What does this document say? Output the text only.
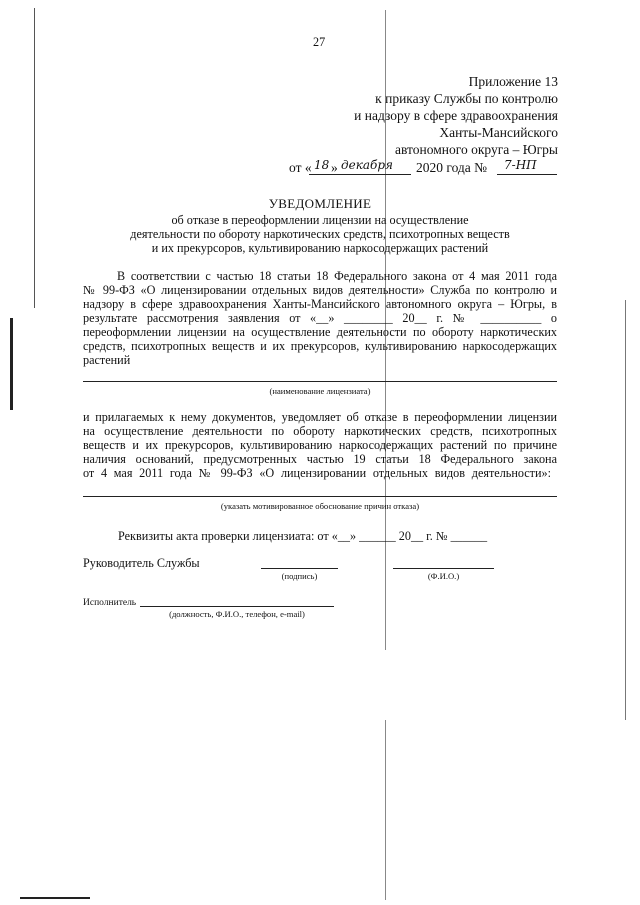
27
Приложение 13
к приказу Службы по контролю
и надзору в сфере здравоохранения
Ханты-Мансийского
автономного округа – Югры
от « 18 » декабря 2020 года № 7-НП
УВЕДОМЛЕНИЕ
об отказе в переоформлении лицензии на осуществление
деятельности по обороту наркотических средств, психотропных веществ
и их прекурсоров, культивированию наркосодержащих растений
В соответствии с частью 18 статьи 18 Федерального закона от 4 мая 2011 года
№ 99-ФЗ «О лицензировании отдельных видов деятельности» Служба по контролю и
надзору в сфере здравоохранения Ханты-Мансийского автономного округа – Югры, в
результате рассмотрения заявления от «__» ________ 20__ г. № __________ о
переоформлении лицензии на осуществление деятельности по обороту наркотических
средств, психотропных веществ и их прекурсоров, культивированию наркосодержащих
растений
(наименование лицензиата)
и прилагаемых к нему документов, уведомляет об отказе в переоформлении лицензии
на осуществление деятельности по обороту наркотических средств, психотропных
веществ и их прекурсоров, культивированию наркосодержащих растений по причине
наличия оснований, предусмотренных частью 19 статьи 18 Федерального закона
от 4 мая 2011 года № 99-ФЗ «О лицензировании отдельных видов деятельности»:
(указать мотивированное обоснование причин отказа)
Реквизиты акта проверки лицензиата: от «__» ______ 20__ г. № ______
Руководитель Службы
(подпись)	(Ф.И.О.)
Исполнитель
(должность, Ф.И.О., телефон, e-mail)
